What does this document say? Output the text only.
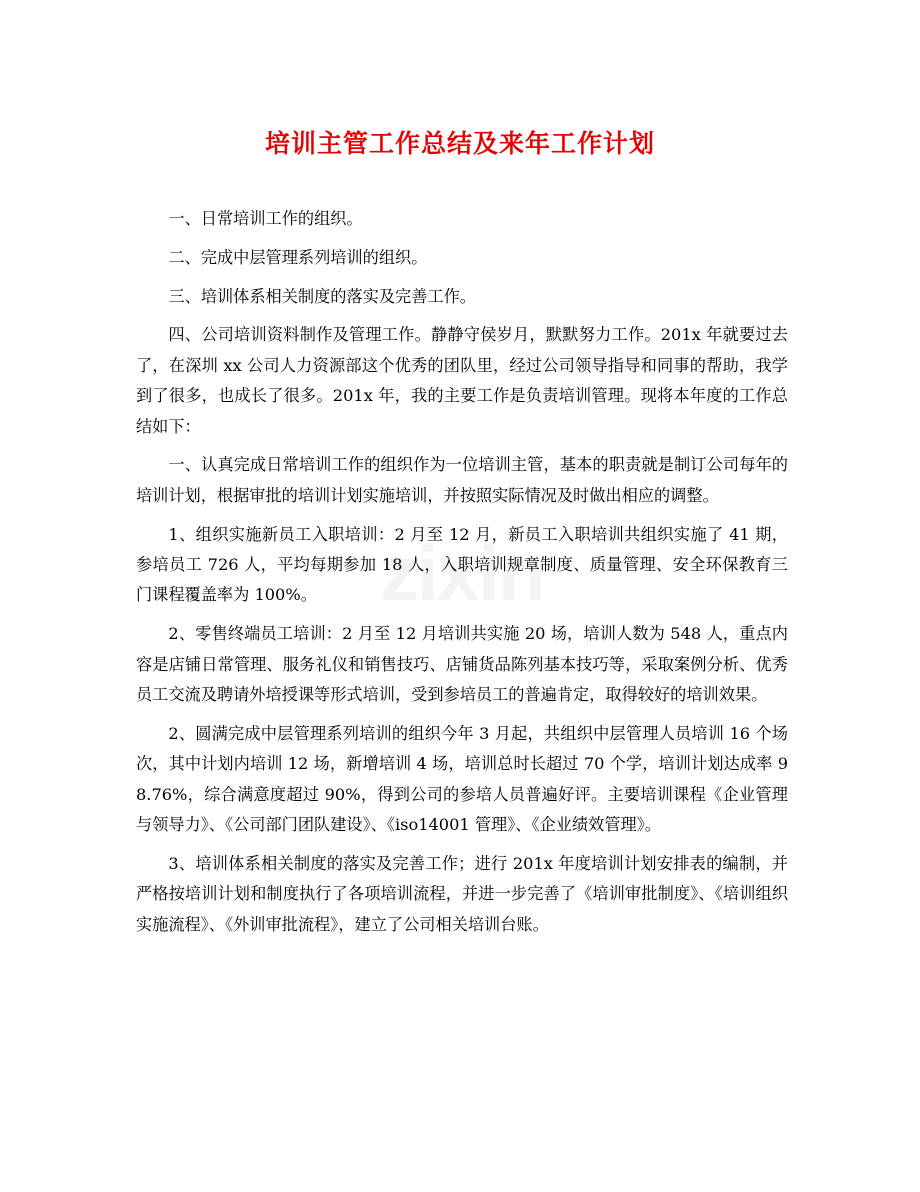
培训主管工作总结及来年工作计划
zixin

一、日常培训工作的组织。

二、完成中层管理系列培训的组织。

三、培训体系相关制度的落实及完善工作。

四、公司培训资料制作及管理工作。静静守侯岁月，默默努力工作。201x 年就要过去了，在深圳 xx 公司人力资源部这个优秀的团队里，经过公司领导指导和同事的帮助，我学到了很多，也成长了很多。201x 年，我的主要工作是负责培训管理。现将本年度的工作总结如下：

一、认真完成日常培训工作的组织作为一位培训主管，基本的职责就是制订公司每年的培训计划，根据审批的培训计划实施培训，并按照实际情况及时做出相应的调整。

1、组织实施新员工入职培训：2 月至 12 月，新员工入职培训共组织实施了 41 期，参培员工 726 人，平均每期参加 18 人，入职培训规章制度、质量管理、安全环保教育三门课程覆盖率为 100%。

2、零售终端员工培训：2 月至 12 月培训共实施 20 场，培训人数为 548 人，重点内容是店铺日常管理、服务礼仪和销售技巧、店铺货品陈列基本技巧等，采取案例分析、优秀员工交流及聘请外培授课等形式培训，受到参培员工的普遍肯定，取得较好的培训效果。

2、圆满完成中层管理系列培训的组织今年 3 月起，共组织中层管理人员培训 16 个场次，其中计划内培训 12 场，新增培训 4 场，培训总时长超过 70 个学，培训计划达成率 98.76%，综合满意度超过 90%，得到公司的参培人员普遍好评。主要培训课程《企业管理与领导力》、《公司部门团队建设》、《iso14001 管理》、《企业绩效管理》。

3、培训体系相关制度的落实及完善工作；进行 201x 年度培训计划安排表的编制，并严格按培训计划和制度执行了各项培训流程，并进一步完善了《培训审批制度》、《培训组织实施流程》、《外训审批流程》，建立了公司相关培训台账。
